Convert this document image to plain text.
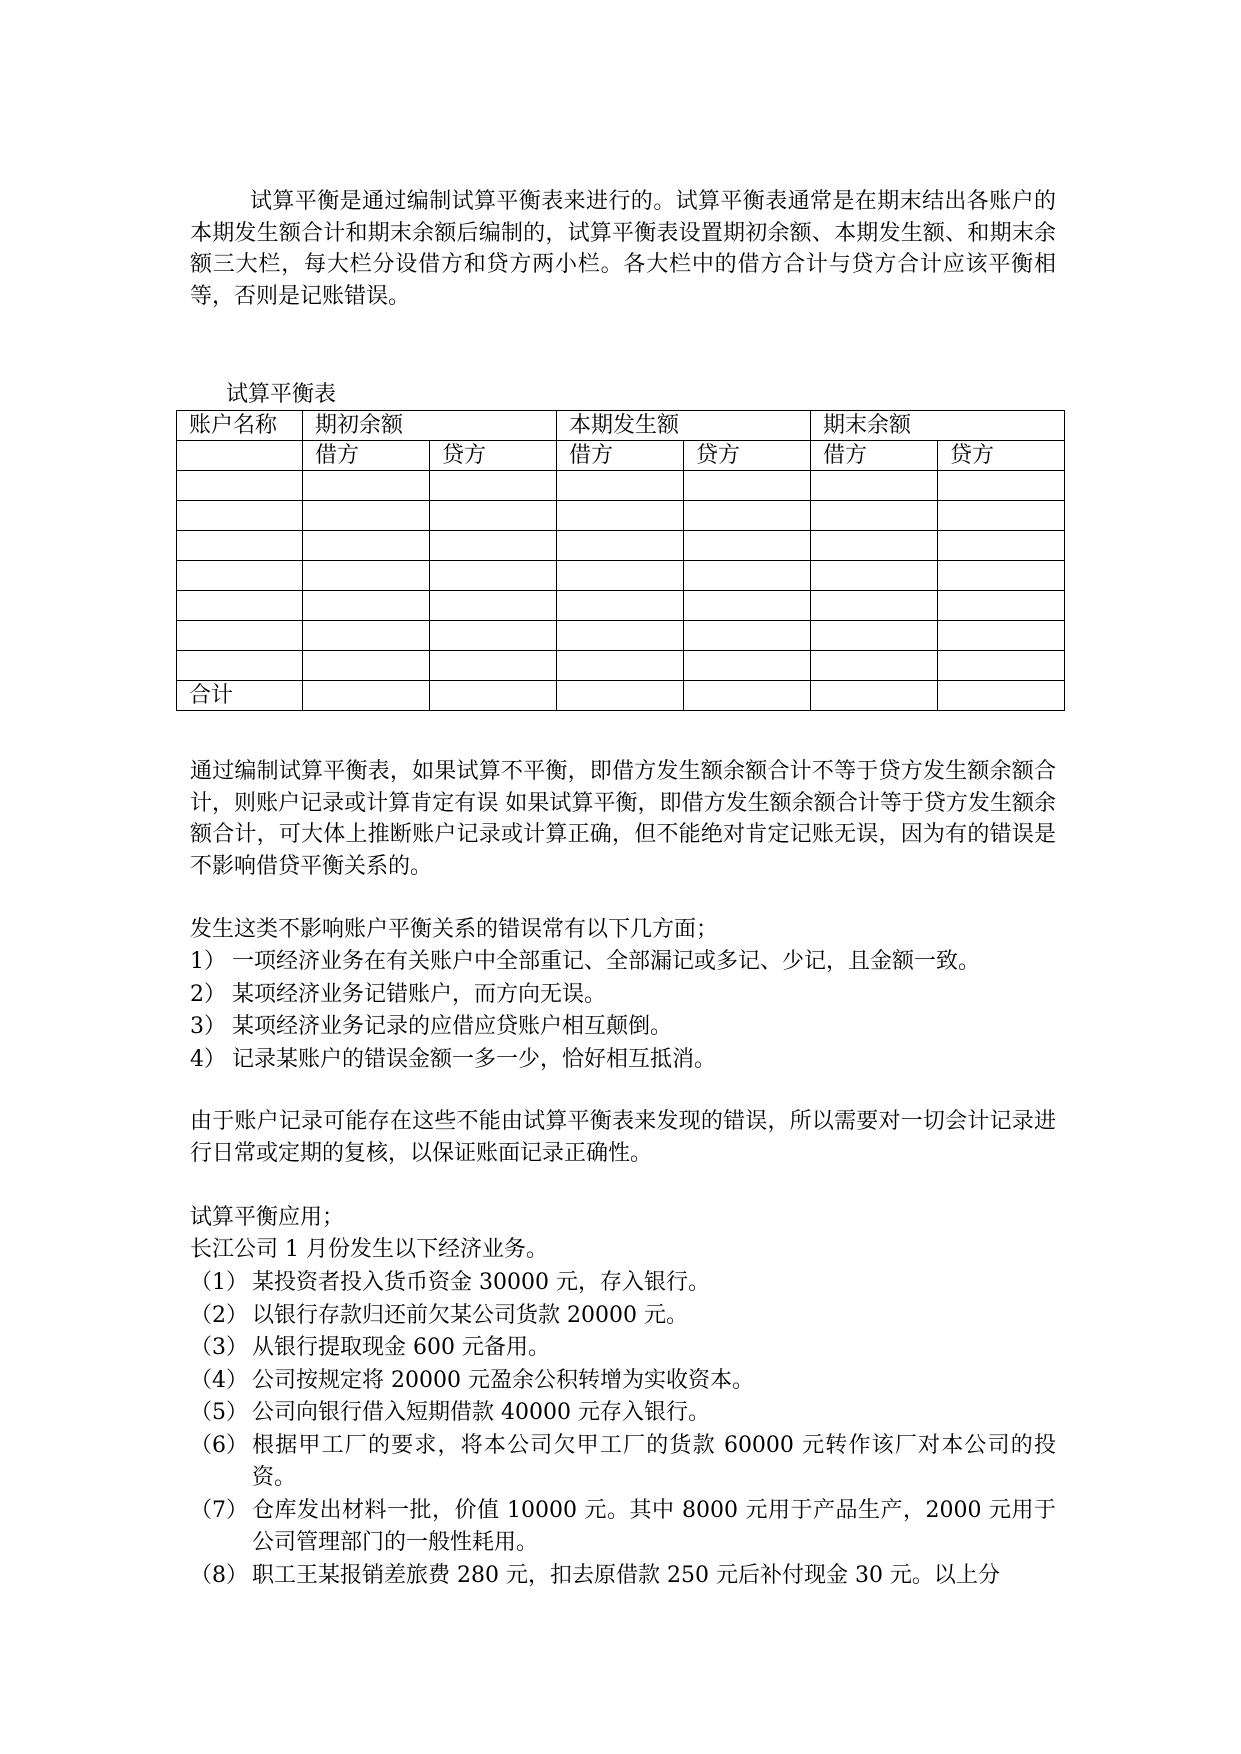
试算平衡是通过编制试算平衡表来进行的。试算平衡表通常是在期末结出各账户的本期发生额合计和期末余额后编制的，试算平衡表设置期初余额、本期发生额、和期末余额三大栏，每大栏分设借方和贷方两小栏。各大栏中的借方合计与贷方合计应该平衡相等，否则是记账错误。

试算平衡表
账户名称	期初余额		本期发生额		期末余额	
	借方	贷方	借方	贷方	借方	贷方

合计						

通过编制试算平衡表，如果试算不平衡，即借方发生额余额合计不等于贷方发生额余额合计，则账户记录或计算肯定有误 如果试算平衡，即借方发生额余额合计等于贷方发生额余额合计，可大体上推断账户记录或计算正确，但不能绝对肯定记账无误，因为有的错误是不影响借贷平衡关系的。

发生这类不影响账户平衡关系的错误常有以下几方面；
1） 一项经济业务在有关账户中全部重记、全部漏记或多记、少记，且金额一致。
2） 某项经济业务记错账户，而方向无误。
3） 某项经济业务记录的应借应贷账户相互颠倒。
4） 记录某账户的错误金额一多一少，恰好相互抵消。

由于账户记录可能存在这些不能由试算平衡表来发现的错误，所以需要对一切会计记录进行日常或定期的复核，以保证账面记录正确性。

试算平衡应用；
长江公司 1 月份发生以下经济业务。
（1） 某投资者投入货币资金 30000 元，存入银行。
（2） 以银行存款归还前欠某公司货款 20000 元。
（3） 从银行提取现金 600 元备用。
（4） 公司按规定将 20000 元盈余公积转增为实收资本。
（5） 公司向银行借入短期借款 40000 元存入银行。
（6） 根据甲工厂的要求，将本公司欠甲工厂的货款 60000 元转作该厂对本公司的投资。
（7） 仓库发出材料一批，价值 10000 元。其中 8000 元用于产品生产，2000 元用于公司管理部门的一般性耗用。
（8） 职工王某报销差旅费 280 元，扣去原借款 250 元后补付现金 30 元。以上分
